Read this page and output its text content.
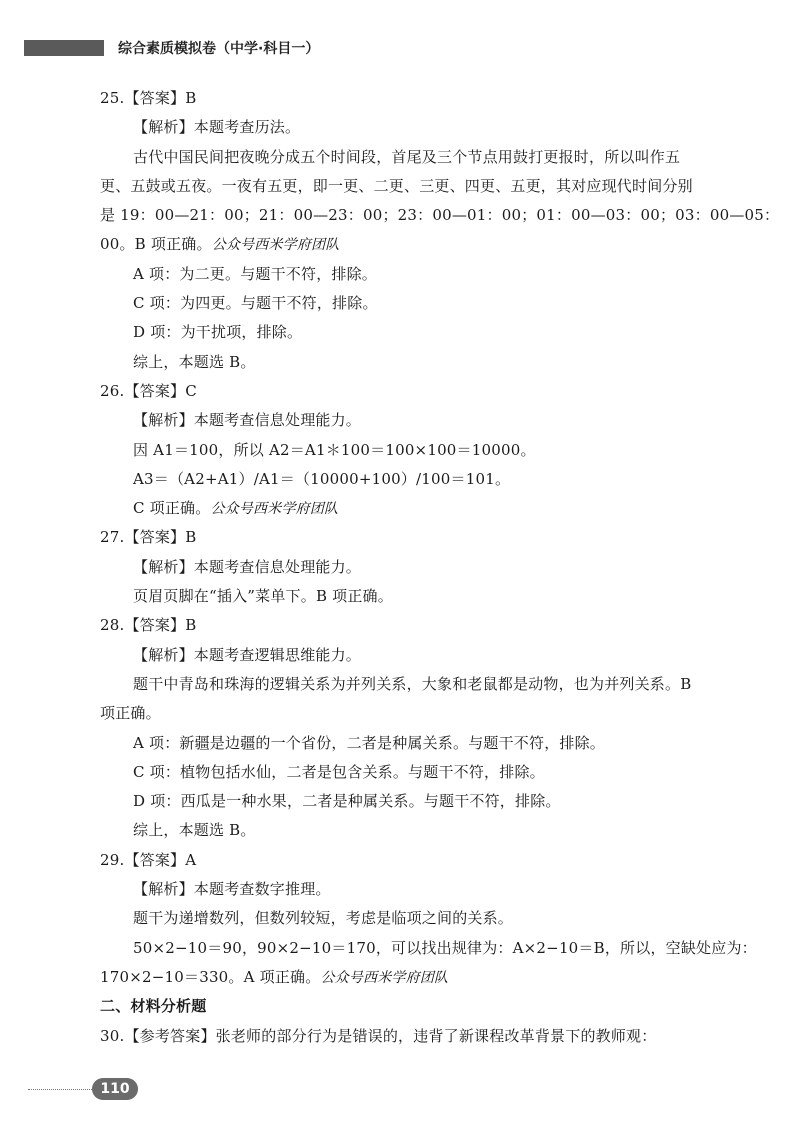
综合素质模拟卷（中学·科目一）
25.【答案】B
【解析】本题考查历法。
古代中国民间把夜晚分成五个时间段，首尾及三个节点用鼓打更报时，所以叫作五
更、五鼓或五夜。一夜有五更，即一更、二更、三更、四更、五更，其对应现代时间分别
是 19：00—21：00；21：00—23：00；23：00—01：00；01：00—03：00；03：00—05：
00。B 项正确。公众号西米学府团队
A 项：为二更。与题干不符，排除。
C 项：为四更。与题干不符，排除。
D 项：为干扰项，排除。
综上，本题选 B。
26.【答案】C
【解析】本题考查信息处理能力。
因 A1＝100，所以 A2＝A1＊100＝100×100＝10000。
A3＝（A2+A1）/A1＝（10000+100）/100＝101。
C 项正确。公众号西米学府团队
27.【答案】B
【解析】本题考查信息处理能力。
页眉页脚在“插入”菜单下。B 项正确。
28.【答案】B
【解析】本题考查逻辑思维能力。
题干中青岛和珠海的逻辑关系为并列关系，大象和老鼠都是动物，也为并列关系。B
项正确。
A 项：新疆是边疆的一个省份，二者是种属关系。与题干不符，排除。
C 项：植物包括水仙，二者是包含关系。与题干不符，排除。
D 项：西瓜是一种水果，二者是种属关系。与题干不符，排除。
综上，本题选 B。
29.【答案】A
【解析】本题考查数字推理。
题干为递增数列，但数列较短，考虑是临项之间的关系。
50×2−10＝90，90×2−10＝170，可以找出规律为：A×2−10＝B，所以，空缺处应为：
170×2−10＝330。A 项正确。公众号西米学府团队
二、材料分析题
30.【参考答案】张老师的部分行为是错误的，违背了新课程改革背景下的教师观：
110
